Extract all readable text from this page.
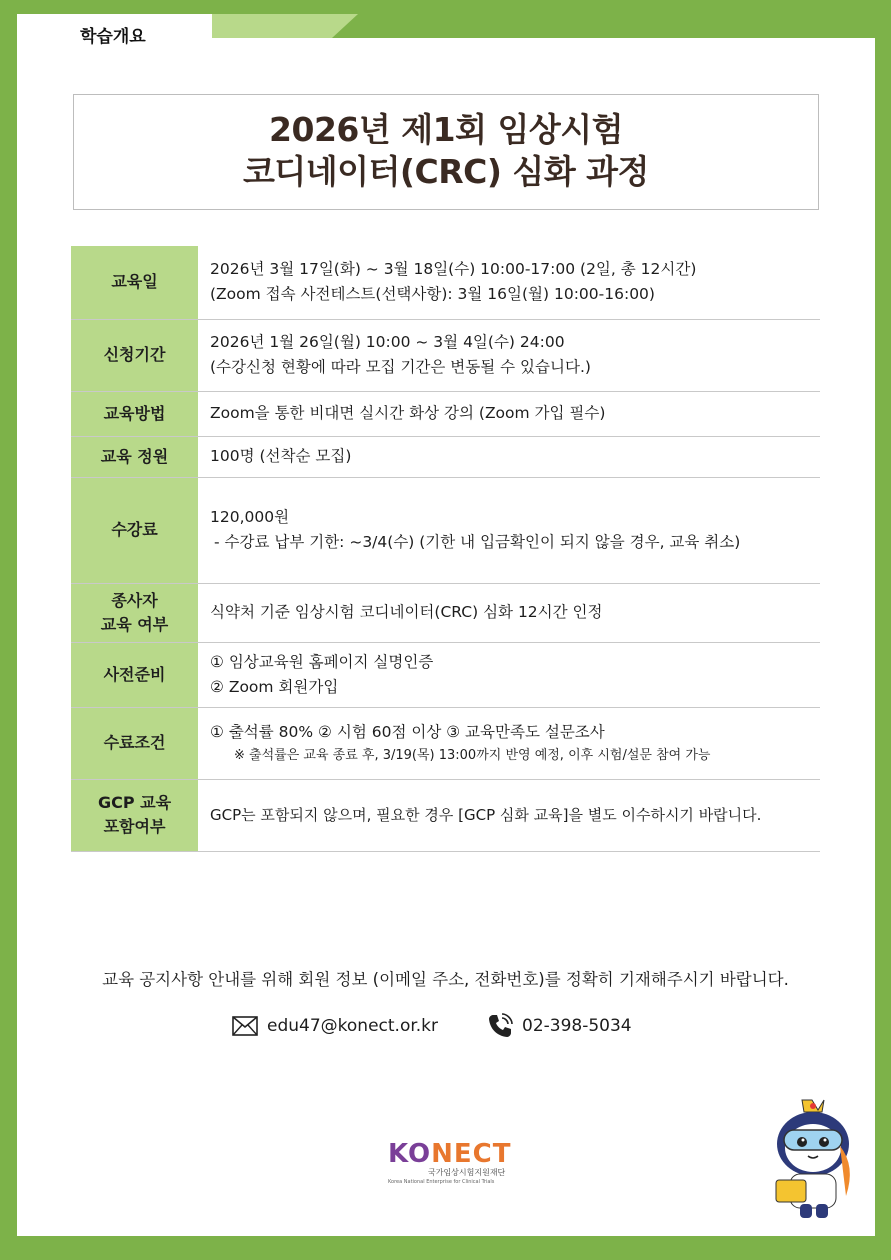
학습개요
2026년 제1회 임상시험
코디네이터(CRC) 심화 과정
교육일	2026년 3월 17일(화) ~ 3월 18일(수) 10:00-17:00 (2일, 총 12시간)
(Zoom 접속 사전테스트(선택사항): 3월 16일(월) 10:00-16:00)

신청기간	2026년 1월 26일(월) 10:00 ~ 3월 4일(수) 24:00
(수강신청 현황에 따라 모집 기간은 변동될 수 있습니다.)

교육방법	Zoom을 통한 비대면 실시간 화상 강의 (Zoom 가입 필수)

교육 정원	100명 (선착순 모집)

수강료	120,000원
- 수강료 납부 기한: ~3/4(수) (기한 내 입금확인이 되지 않을 경우, 교육 취소)

종사자
교육 여부	식약처 기준 임상시험 코디네이터(CRC) 심화 12시간 인정

사전준비	① 임상교육원 홈페이지 실명인증
② Zoom 회원가입

수료조건	① 출석률 80% ② 시험 60점 이상 ③ 교육만족도 설문조사
※ 출석률은 교육 종료 후, 3/19(목) 13:00까지 반영 예정, 이후 시험/설문 참여 가능

GCP 교육
포함여부	GCP는 포함되지 않으며, 필요한 경우 [GCP 심화 교육]을 별도 이수하시기 바랍니다.
교육 공지사항 안내를 위해 회원 정보 (이메일 주소, 전화번호)를 정확히 기재해주시기 바랍니다.
edu47@konect.or.kr	02-398-5034
KONECT
국가임상시험지원재단
Korea National Enterprise for Clinical Trials
